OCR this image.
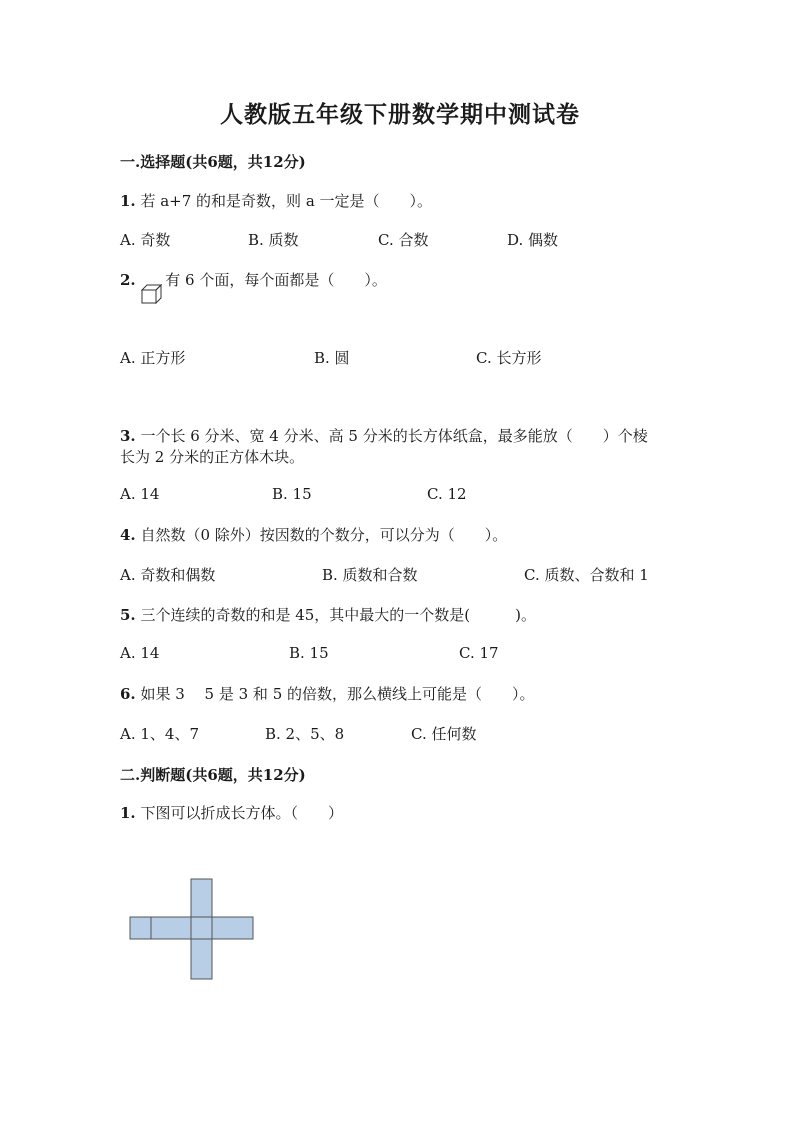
人教版五年级下册数学期中测试卷
一.选择题(共6题，共12分)
1. 若 a+7 的和是奇数，则 a 一定是（　　）。
A. 奇数	B. 质数	C. 合数	D. 偶数
2. 有 6 个面，每个面都是（　　）。
A. 正方形	B. 圆	C. 长方形
3. 一个长 6 分米、宽 4 分米、高 5 分米的长方体纸盒，最多能放（　　）个棱
长为 2 分米的正方体木块。
A. 14	B. 15	C. 12
4. 自然数（0 除外）按因数的个数分，可以分为（　　）。
A. 奇数和偶数	B. 质数和合数	C. 质数、合数和 1
5. 三个连续的奇数的和是 45，其中最大的一个数是(　　　)。
A. 14	B. 15	C. 17
6. 如果 3　 5 是 3 和 5 的倍数，那么横线上可能是（　　）。
A. 1、4、7	B. 2、5、8	C. 任何数
二.判断题(共6题，共12分)
1. 下图可以折成长方体。（　　）
